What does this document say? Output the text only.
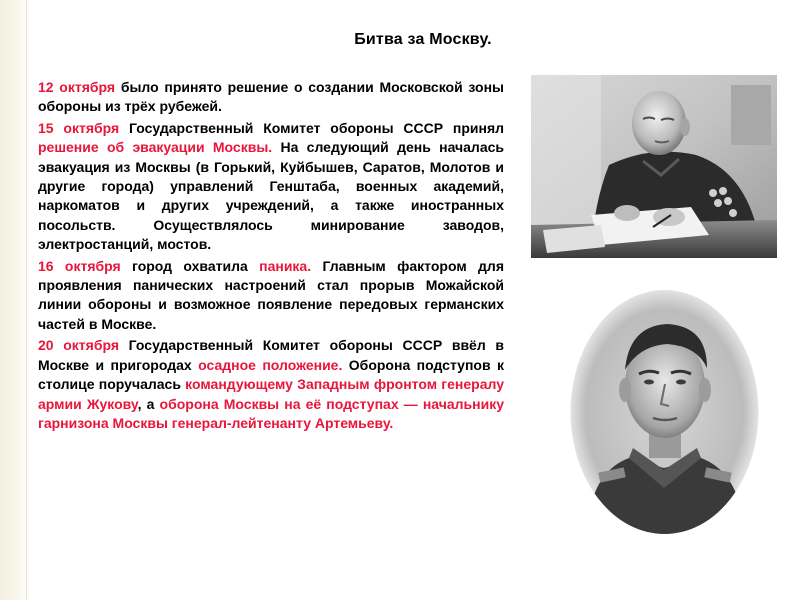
Битва за Москву.

12 октября было принято решение о создании Московской зоны обороны из трёх рубежей.

15 октября Государственный Комитет обороны СССР принял решение об эвакуации Москвы. На следующий день началась эвакуация из Москвы (в Горький, Куйбышев, Саратов, Молотов и другие города) управлений Генштаба, военных академий, наркоматов и других учреждений, а также иностранных посольств. Осуществлялось минирование заводов, электростанций, мостов.

16 октября город охватила паника. Главным фактором для проявления панических настроений стал прорыв Можайской линии обороны и возможное появление передовых германских частей в Москве.

20 октября Государственный Комитет обороны СССР ввёл в Москве и пригородах осадное положение. Оборона подступов к столице поручалась командующему Западным фронтом генералу армии Жукову, а оборона Москвы на её подступах — начальнику гарнизона Москвы генерал-лейтенанту Артемьеву.
